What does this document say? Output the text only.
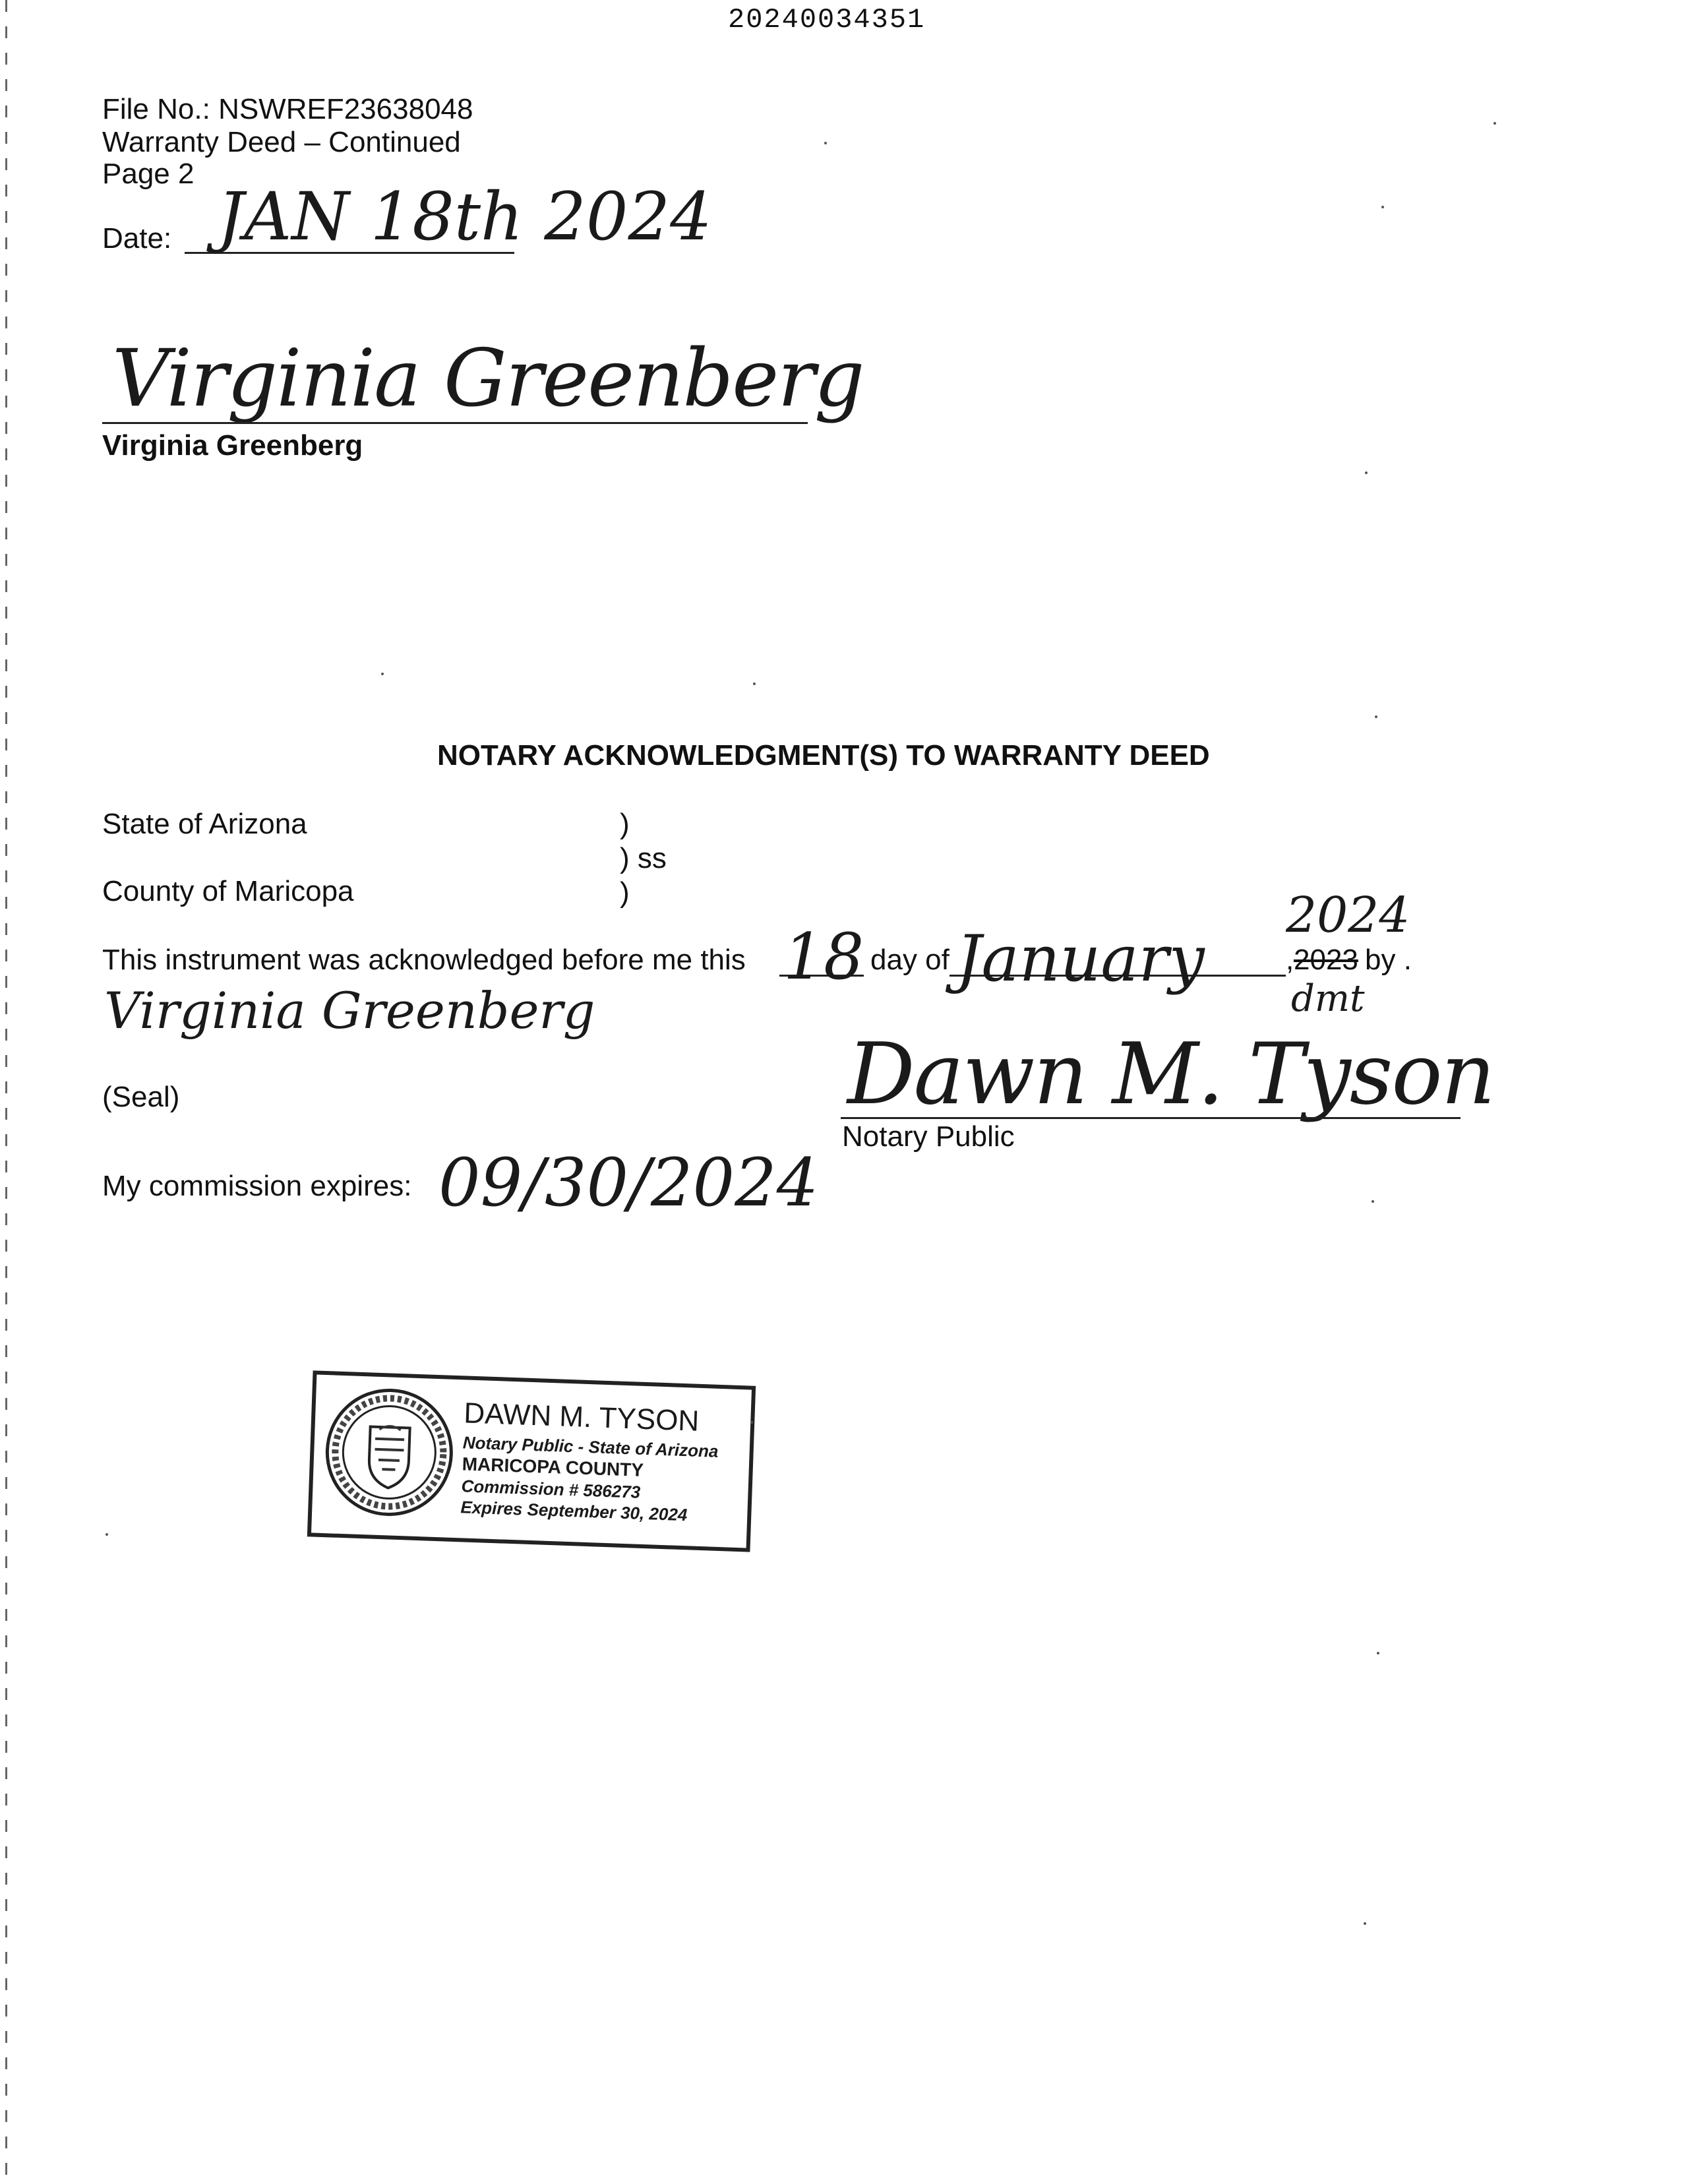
20240034351
File No.: NSWREF23638048
Warranty Deed – Continued
Page 2
Date: JAN 18th 2024
Virginia Greenberg
Virginia Greenberg
NOTARY ACKNOWLEDGMENT(S) TO WARRANTY DEED
State of Arizona	)
) ss
County of Maricopa	)
This instrument was acknowledged before me this 18 day of January	, 2023 by .
2024
dmt
Virginia Greenberg
(Seal)	Dawn M. Tyson
Notary Public
My commission expires: 09/30/2024
DAWN M. TYSON
Notary Public - State of Arizona
MARICOPA COUNTY
Commission # 586273
Expires September 30, 2024
